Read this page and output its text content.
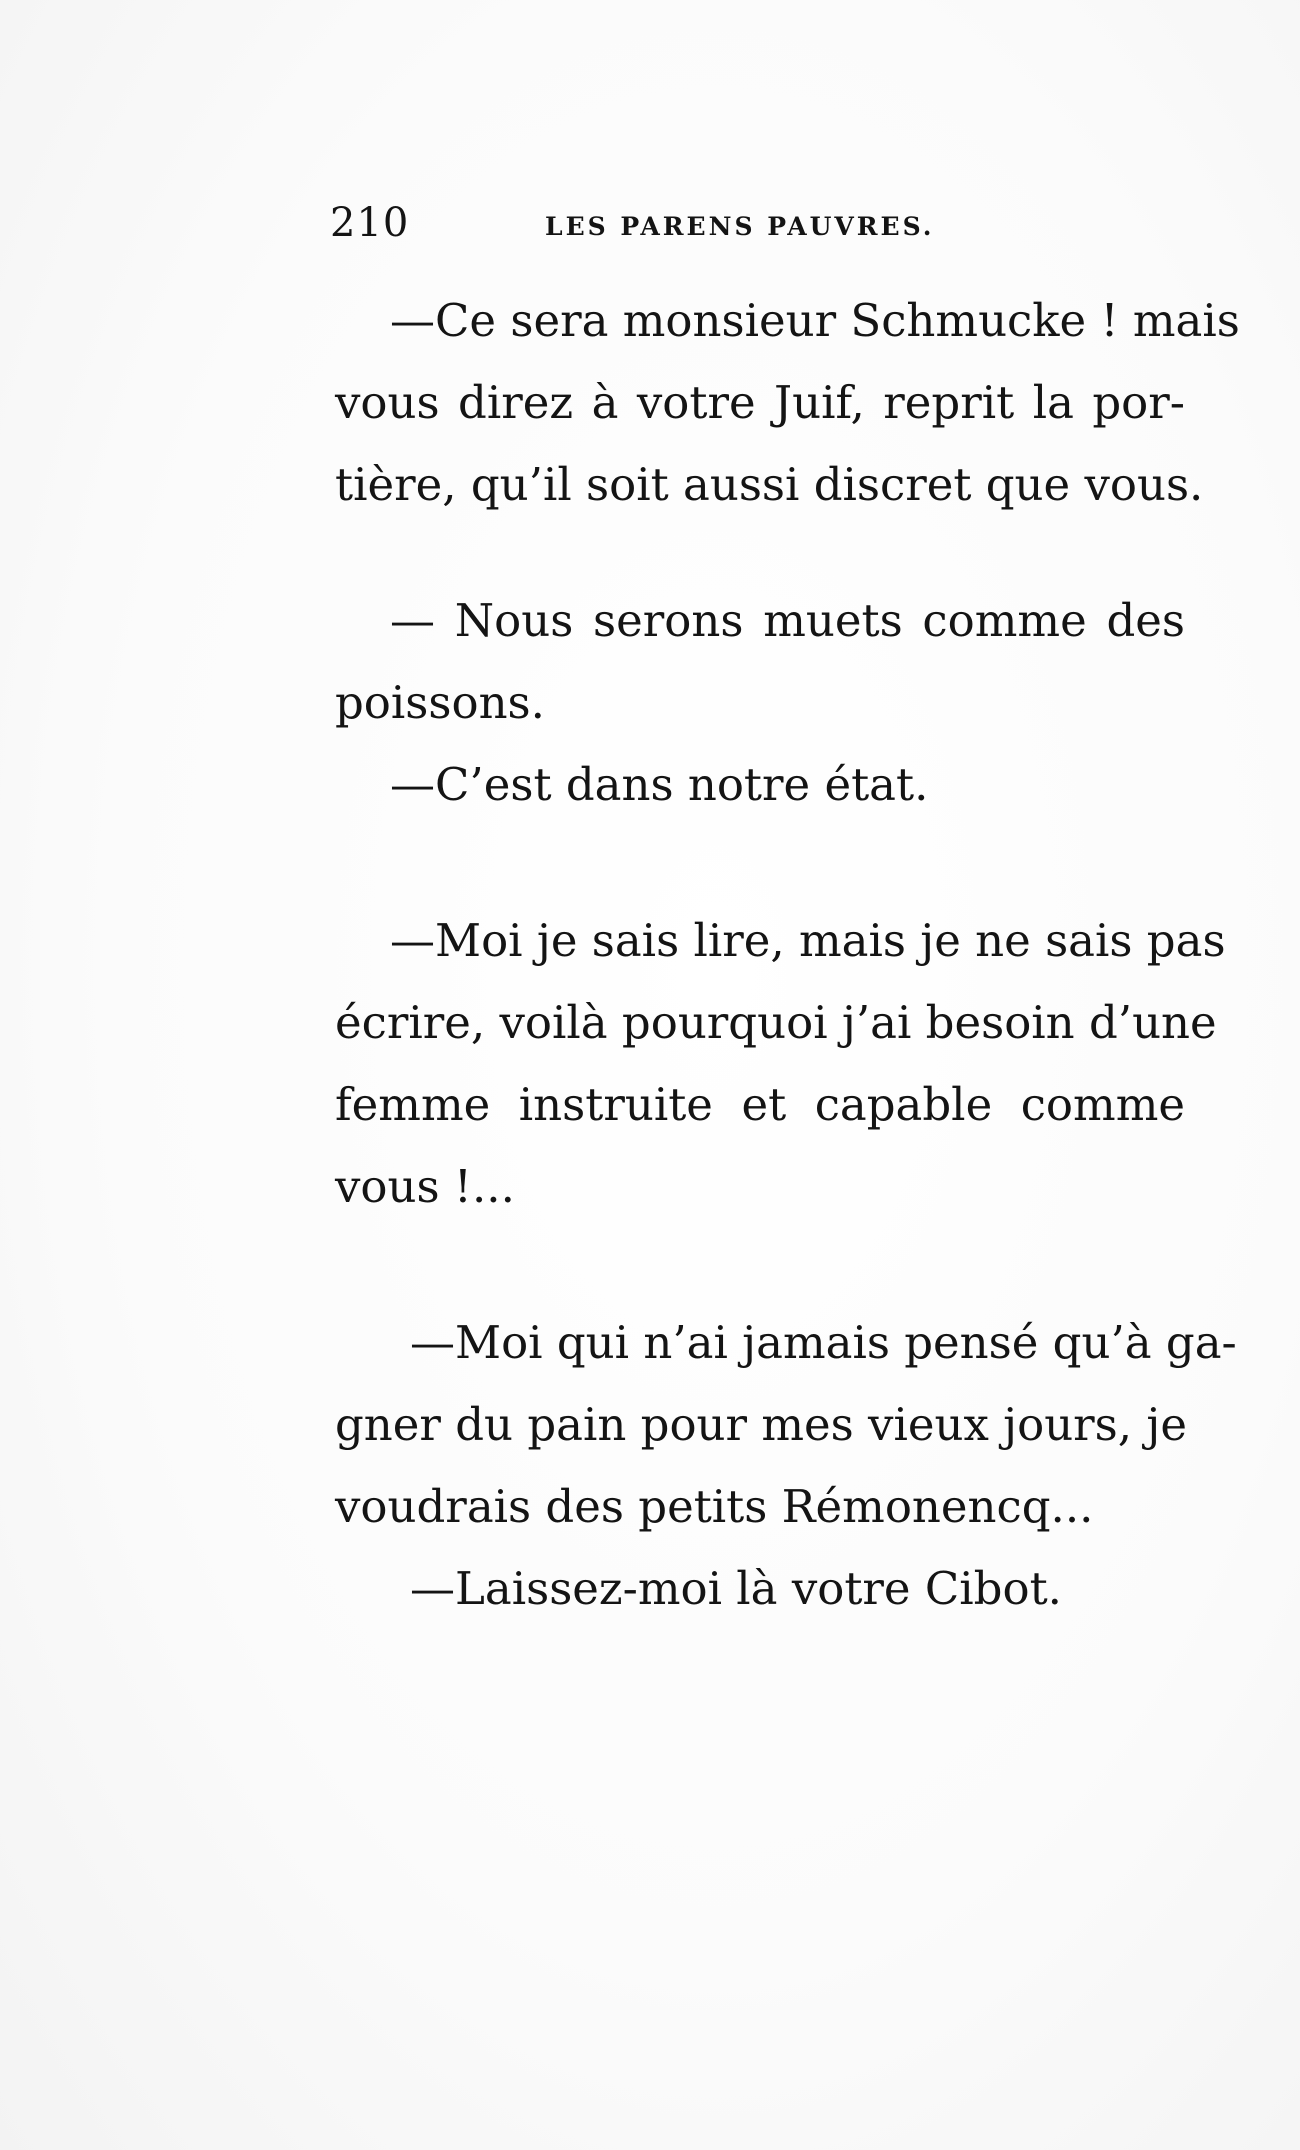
210	LES PARENS PAUVRES.
—Ce sera monsieur Schmucke ! mais
vous direz à votre Juif, reprit la por-
tière, qu’il soit aussi discret que vous.
— Nous serons muets comme des
poissons.
—C’est dans notre état.
—Moi je sais lire, mais je ne sais pas
écrire, voilà pourquoi j’ai besoin d’une
femme instruite et capable comme
vous !...
—Moi qui n’ai jamais pensé qu’à ga-
gner du pain pour mes vieux jours, je
voudrais des petits Rémonencq...
—Laissez-moi là votre Cibot.
